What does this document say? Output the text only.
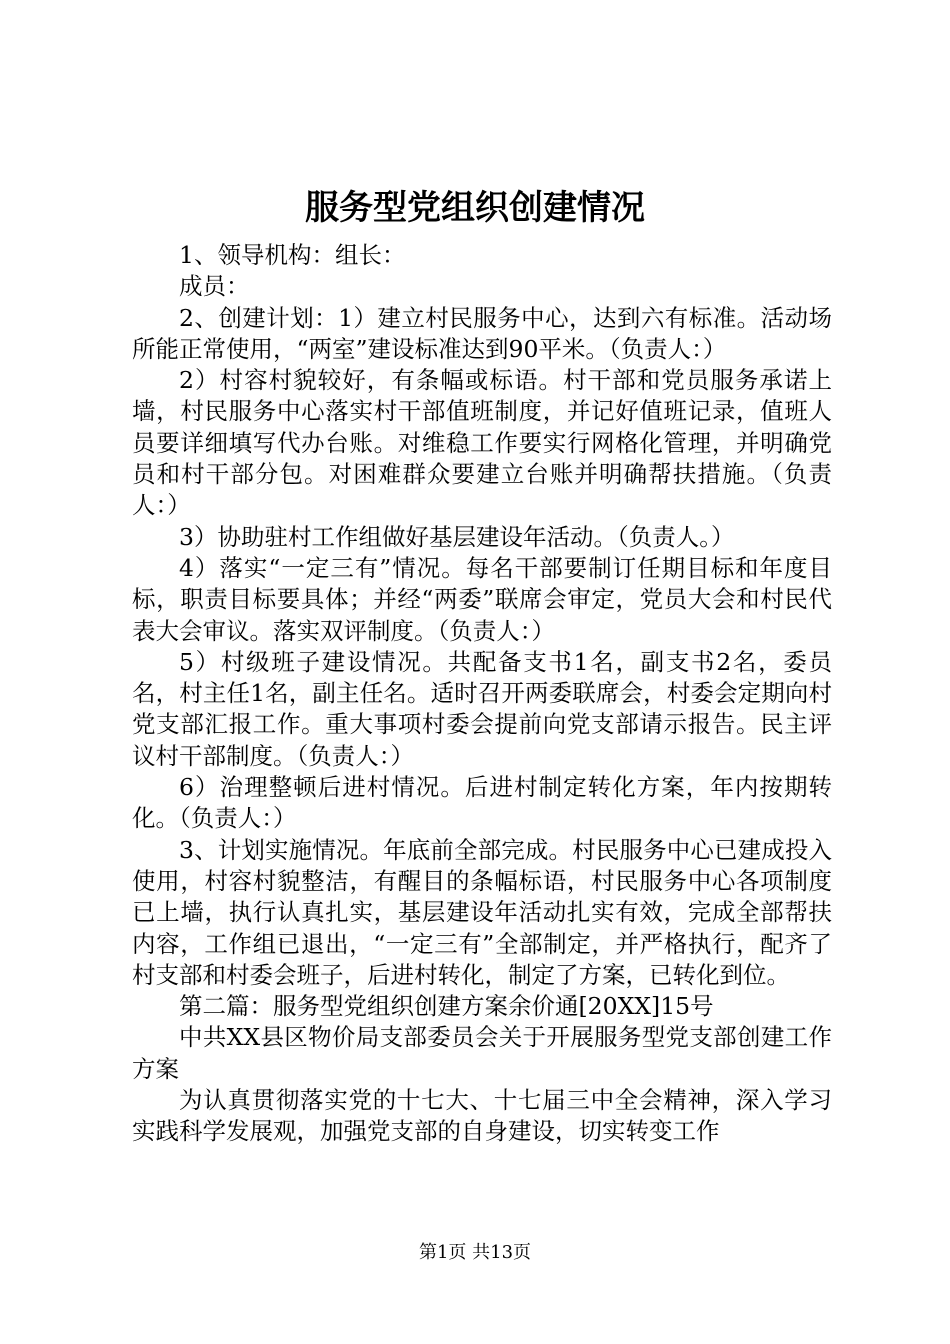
服务型党组织创建情况

1、领导机构：组长：

成员：

2、创建计划：1）建立村民服务中心，达到六有标准。活动场所能正常使用，“两室”建设标准达到90平米。（负责人：）

2）村容村貌较好，有条幅或标语。村干部和党员服务承诺上墙，村民服务中心落实村干部值班制度，并记好值班记录，值班人员要详细填写代办台账。对维稳工作要实行网格化管理，并明确党员和村干部分包。对困难群众要建立台账并明确帮扶措施。（负责人：）

3）协助驻村工作组做好基层建设年活动。（负责人。）

4）落实“一定三有”情况。每名干部要制订任期目标和年度目标，职责目标要具体；并经“两委”联席会审定，党员大会和村民代表大会审议。落实双评制度。（负责人：）

5）村级班子建设情况。共配备支书1名，副支书2名，委员名，村主任1名，副主任名。适时召开两委联席会，村委会定期向村党支部汇报工作。重大事项村委会提前向党支部请示报告。民主评议村干部制度。（负责人：）

6）治理整顿后进村情况。后进村制定转化方案，年内按期转化。（负责人：）

3、计划实施情况。年底前全部完成。村民服务中心已建成投入使用，村容村貌整洁，有醒目的条幅标语，村民服务中心各项制度已上墙，执行认真扎实，基层建设年活动扎实有效，完成全部帮扶内容，工作组已退出，“一定三有”全部制定，并严格执行，配齐了村支部和村委会班子，后进村转化，制定了方案，已转化到位。

第二篇：服务型党组织创建方案余价通[20XX]15号

中共XX县区物价局支部委员会关于开展服务型党支部创建工作方案

为认真贯彻落实党的十七大、十七届三中全会精神，深入学习实践科学发展观，加强党支部的自身建设，切实转变工作

第1页 共13页
